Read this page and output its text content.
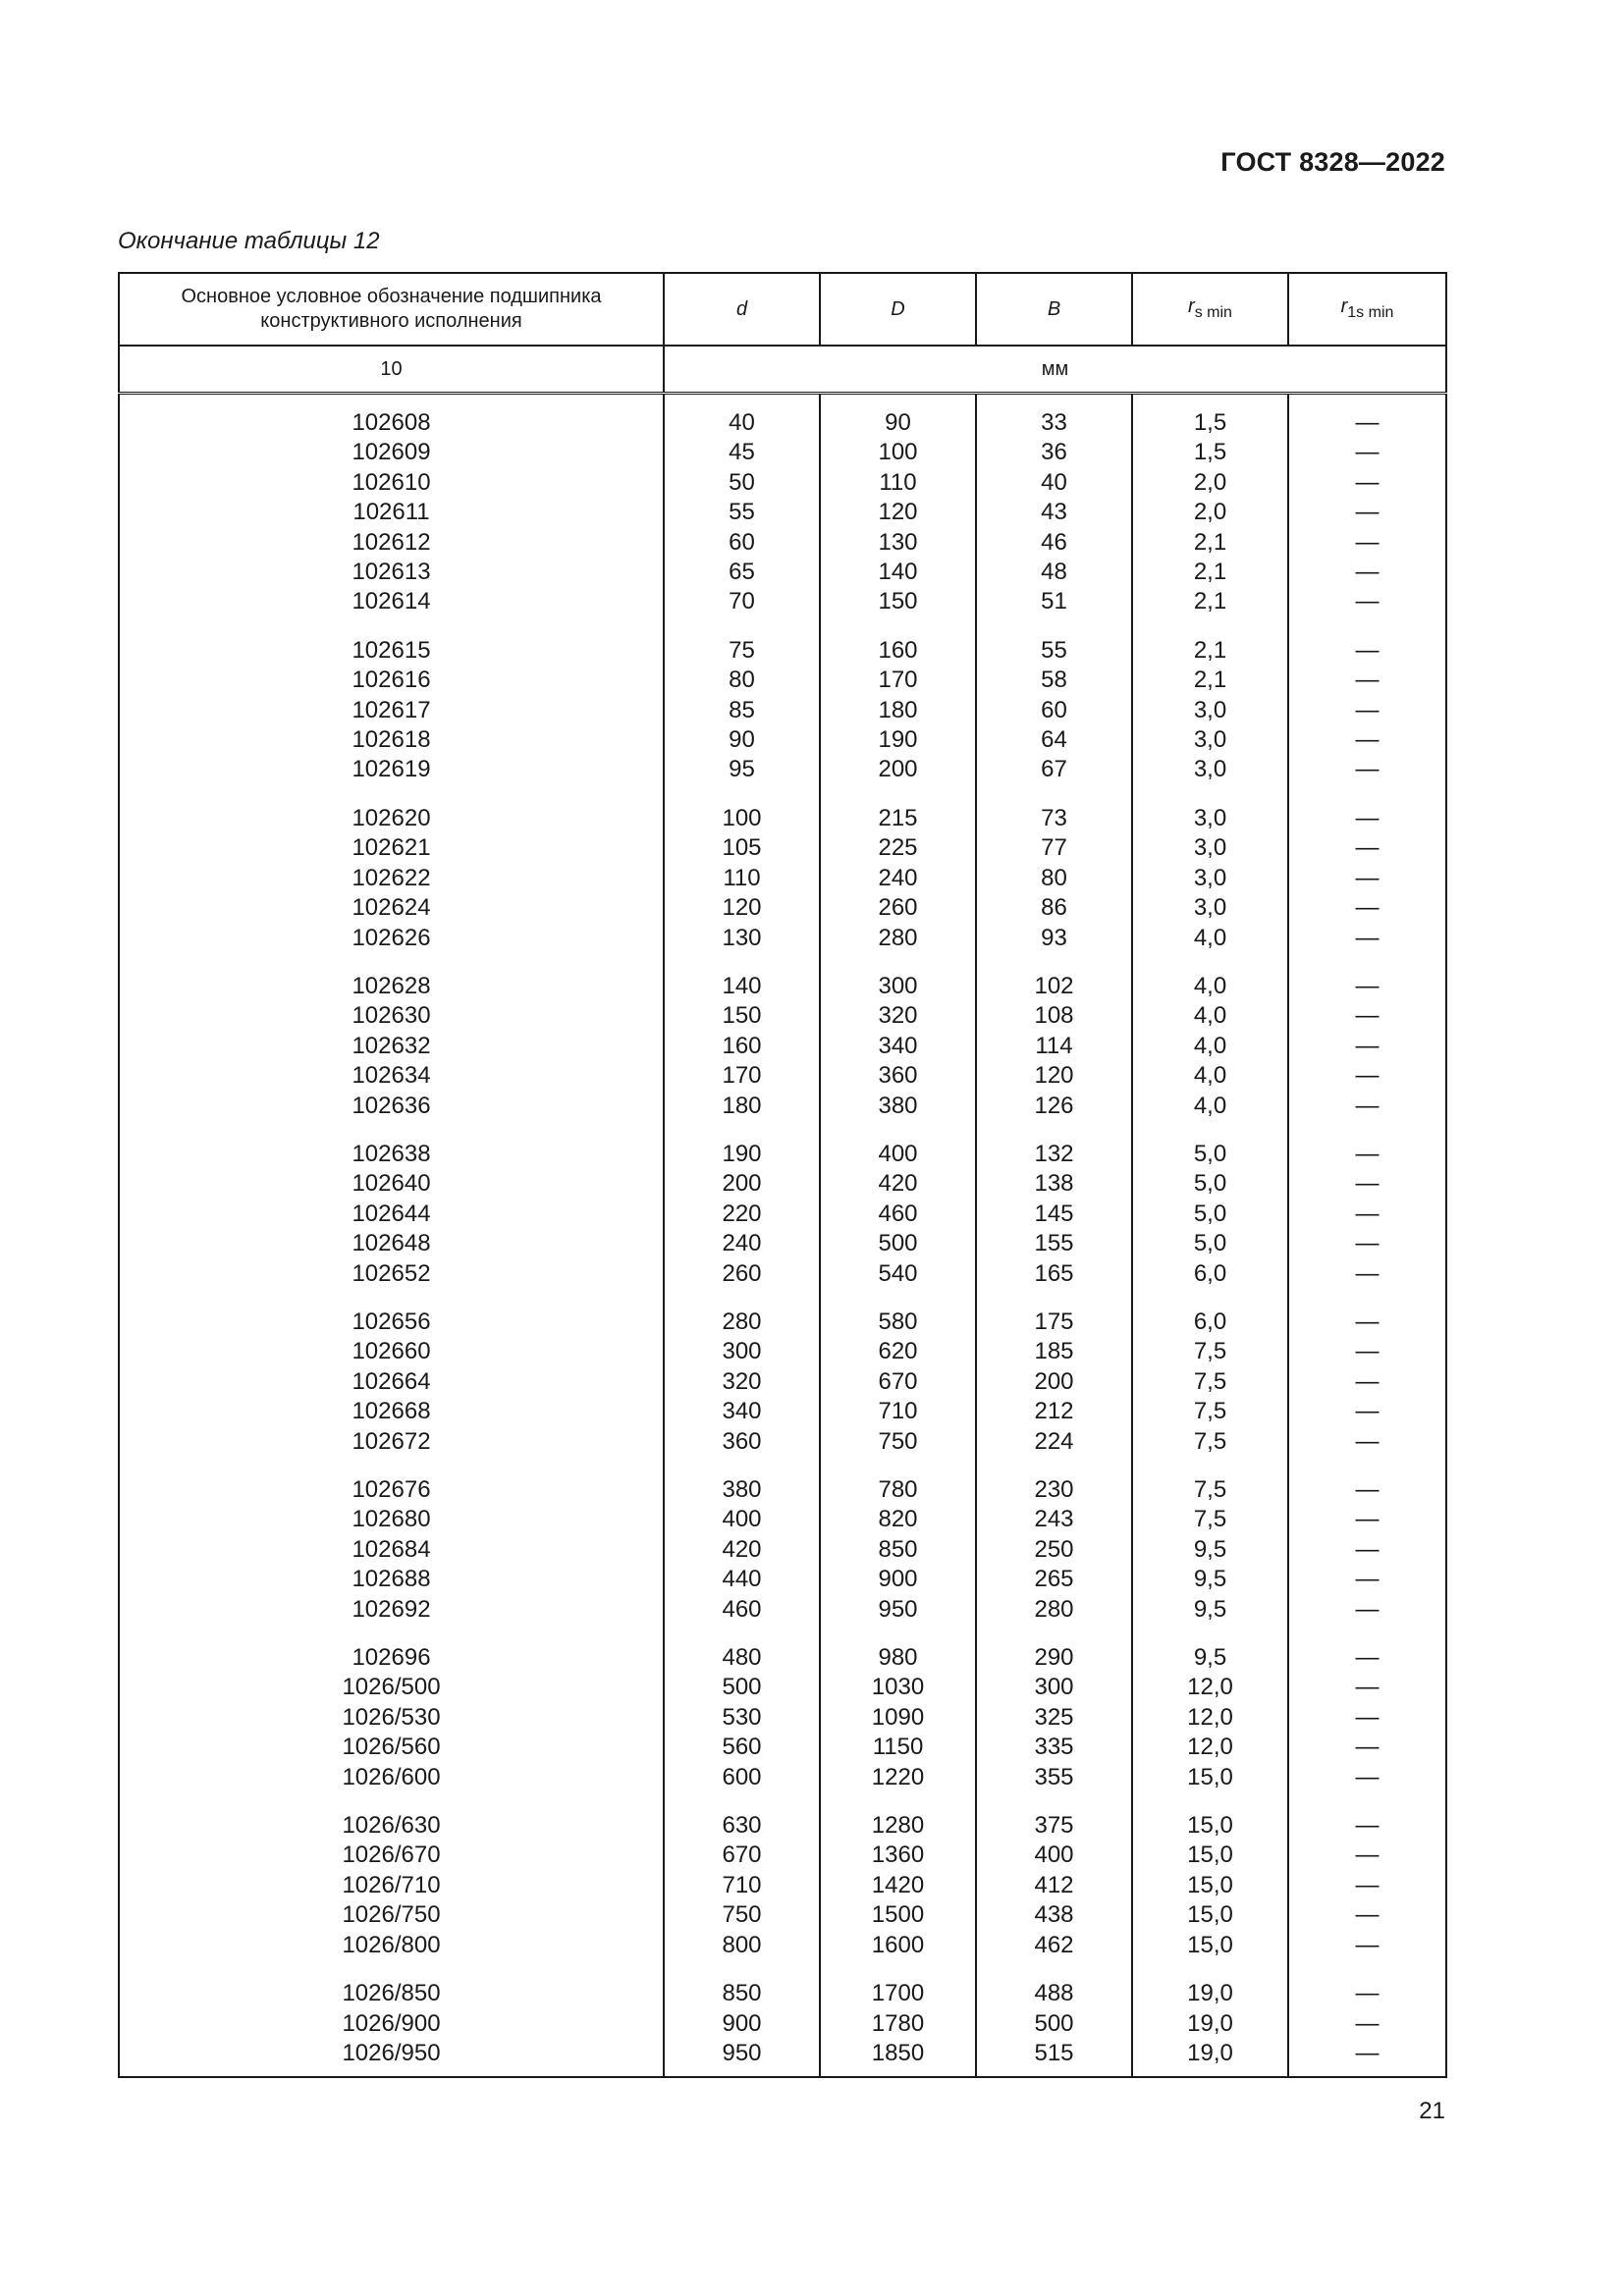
ГОСТ 8328—2022
Окончание таблицы 12
Основное условное обозначение подшипника конструктивного исполнения	d	D	B	$r_{s min}$	$r_{1s min}$
10	мм				
102608	40	90	33	1,5	—
102609	45	100	36	1,5	—
102610	50	110	40	2,0	—
102611	55	120	43	2,0	—
102612	60	130	46	2,1	—
102613	65	140	48	2,1	—
102614	70	150	51	2,1	—
102615	75	160	55	2,1	—
102616	80	170	58	2,1	—
102617	85	180	60	3,0	—
102618	90	190	64	3,0	—
102619	95	200	67	3,0	—
102620	100	215	73	3,0	—
102621	105	225	77	3,0	—
102622	110	240	80	3,0	—
102624	120	260	86	3,0	—
102626	130	280	93	4,0	—
102628	140	300	102	4,0	—
102630	150	320	108	4,0	—
102632	160	340	114	4,0	—
102634	170	360	120	4,0	—
102636	180	380	126	4,0	—
102638	190	400	132	5,0	—
102640	200	420	138	5,0	—
102644	220	460	145	5,0	—
102648	240	500	155	5,0	—
102652	260	540	165	6,0	—
102656	280	580	175	6,0	—
102660	300	620	185	7,5	—
102664	320	670	200	7,5	—
102668	340	710	212	7,5	—
102672	360	750	224	7,5	—
102676	380	780	230	7,5	—
102680	400	820	243	7,5	—
102684	420	850	250	9,5	—
102688	440	900	265	9,5	—
102692	460	950	280	9,5	—
102696	480	980	290	9,5	—
1026/500	500	1030	300	12,0	—
1026/530	530	1090	325	12,0	—
1026/560	560	1150	335	12,0	—
1026/600	600	1220	355	15,0	—
1026/630	630	1280	375	15,0	—
1026/670	670	1360	400	15,0	—
1026/710	710	1420	412	15,0	—
1026/750	750	1500	438	15,0	—
1026/800	800	1600	462	15,0	—
1026/850	850	1700	488	19,0	—
1026/900	900	1780	500	19,0	—
1026/950	950	1850	515	19,0	—
21
